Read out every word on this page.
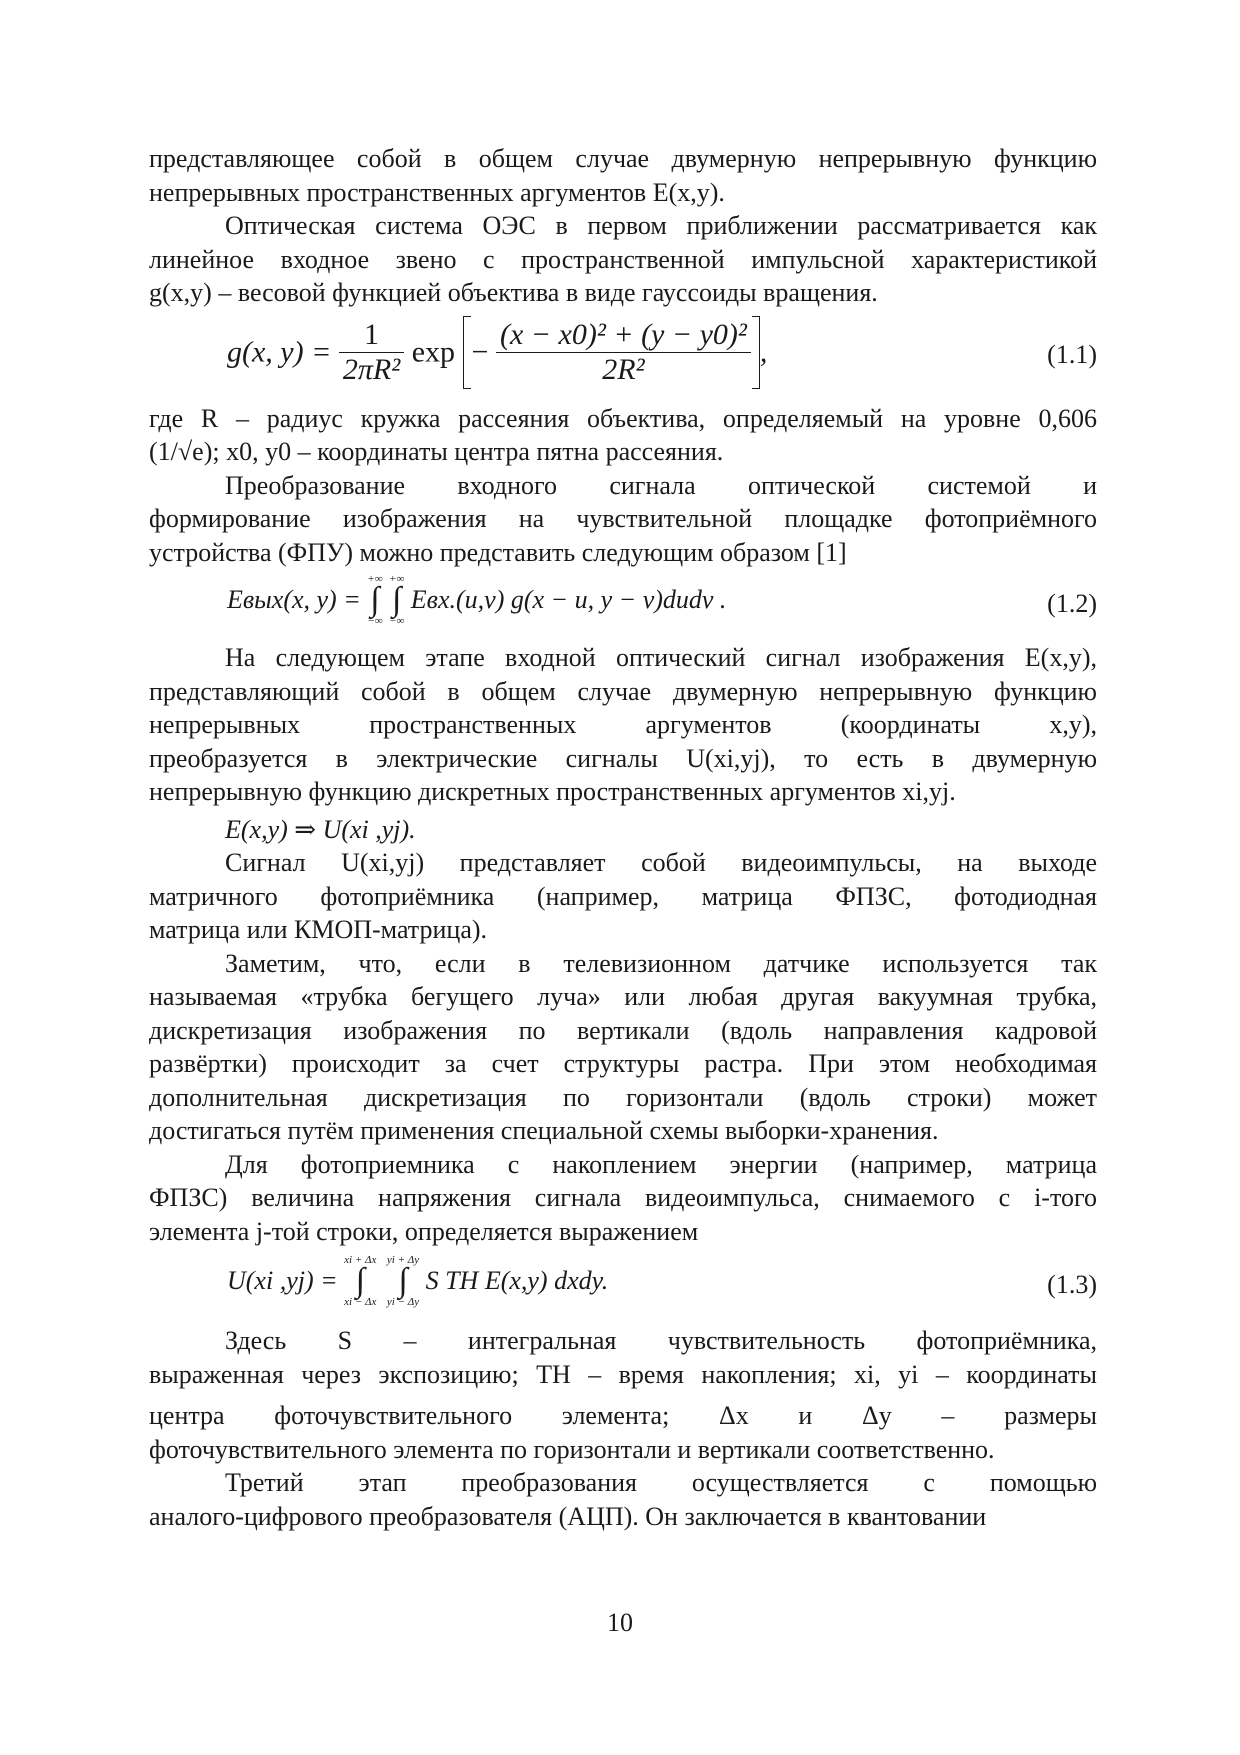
представляющее собой в общем случае двумерную непрерывную функцию
непрерывных пространственных аргументов E(x,y).

Оптическая система ОЭС в первом приближении рассматривается как
линейное входное звено с пространственной импульсной характеристикой
g(x,y) – весовой функцией объектива в виде гауссоиды вращения.

g(x, $y) = \frac{1}{\text{2πR²}}$ $\exp - \frac{\text{(x − x0)² + (y − y0)²}}{\text{2R²}}$ ,	(1.1)

где R – радиус кружка рассеяния объектива, определяемый на уровне 0,606
(1/√e); x0, y0 – координаты центра пятна рассеяния.

Преобразование входного сигнала оптической системой и
формирование изображения на чувствительной площадке фотоприёмного
устройства (ФПУ) можно представить следующим образом [1]

Eвых(x, y) =
+∞
∫
−∞

+∞
∫
−∞
Eвх.(u,v) g(x − u, y − v)dudv .	(1.2)

На следующем этапе входной оптический сигнал изображения E(x,y),
представляющий собой в общем случае двумерную непрерывную функцию
непрерывных пространственных аргументов (координаты x,y),
преобразуется в электрические сигналы U(xi,yj), то есть в двумерную
непрерывную функцию дискретных пространственных аргументов xi,yj.

E(x,y) ⇒ U(xi ,yj).

Сигнал U(xi,yj) представляет собой видеоимпульсы, на выходе
матричного фотоприёмника (например, матрица ФПЗС, фотодиодная
матрица или КМОП-матрица).

Заметим, что, если в телевизионном датчике используется так
называемая «трубка бегущего луча» или любая другая вакуумная трубка,
дискретизация изображения по вертикали (вдоль направления кадровой
развёртки) происходит за счет структуры растра. При этом необходимая
дополнительная дискретизация по горизонтали (вдоль строки) может
достигаться путём применения специальной схемы выборки-хранения.

Для фотоприемника с накоплением энергии (например, матрица
ФПЗС) величина напряжения сигнала видеоимпульса, снимаемого с i-того
элемента j-той строки, определяется выражением

U(xi ,yj) =
xi + Δx
∫
xi − Δx

yi + Δy
∫
yi − Δy
S TН E(x,y) dxdy.	(1.3)

Здесь S – интегральная чувствительность фотоприёмника,
выраженная через экспозицию; TН – время накопления; xi, yi – координаты
центра фоточувствительного элемента; Δx и Δy – размеры
фоточувствительного элемента по горизонтали и вертикали соответственно.

Третий этап преобразования осуществляется с помощью
аналого-цифрового преобразователя (АЦП). Он заключается в квантовании

10
